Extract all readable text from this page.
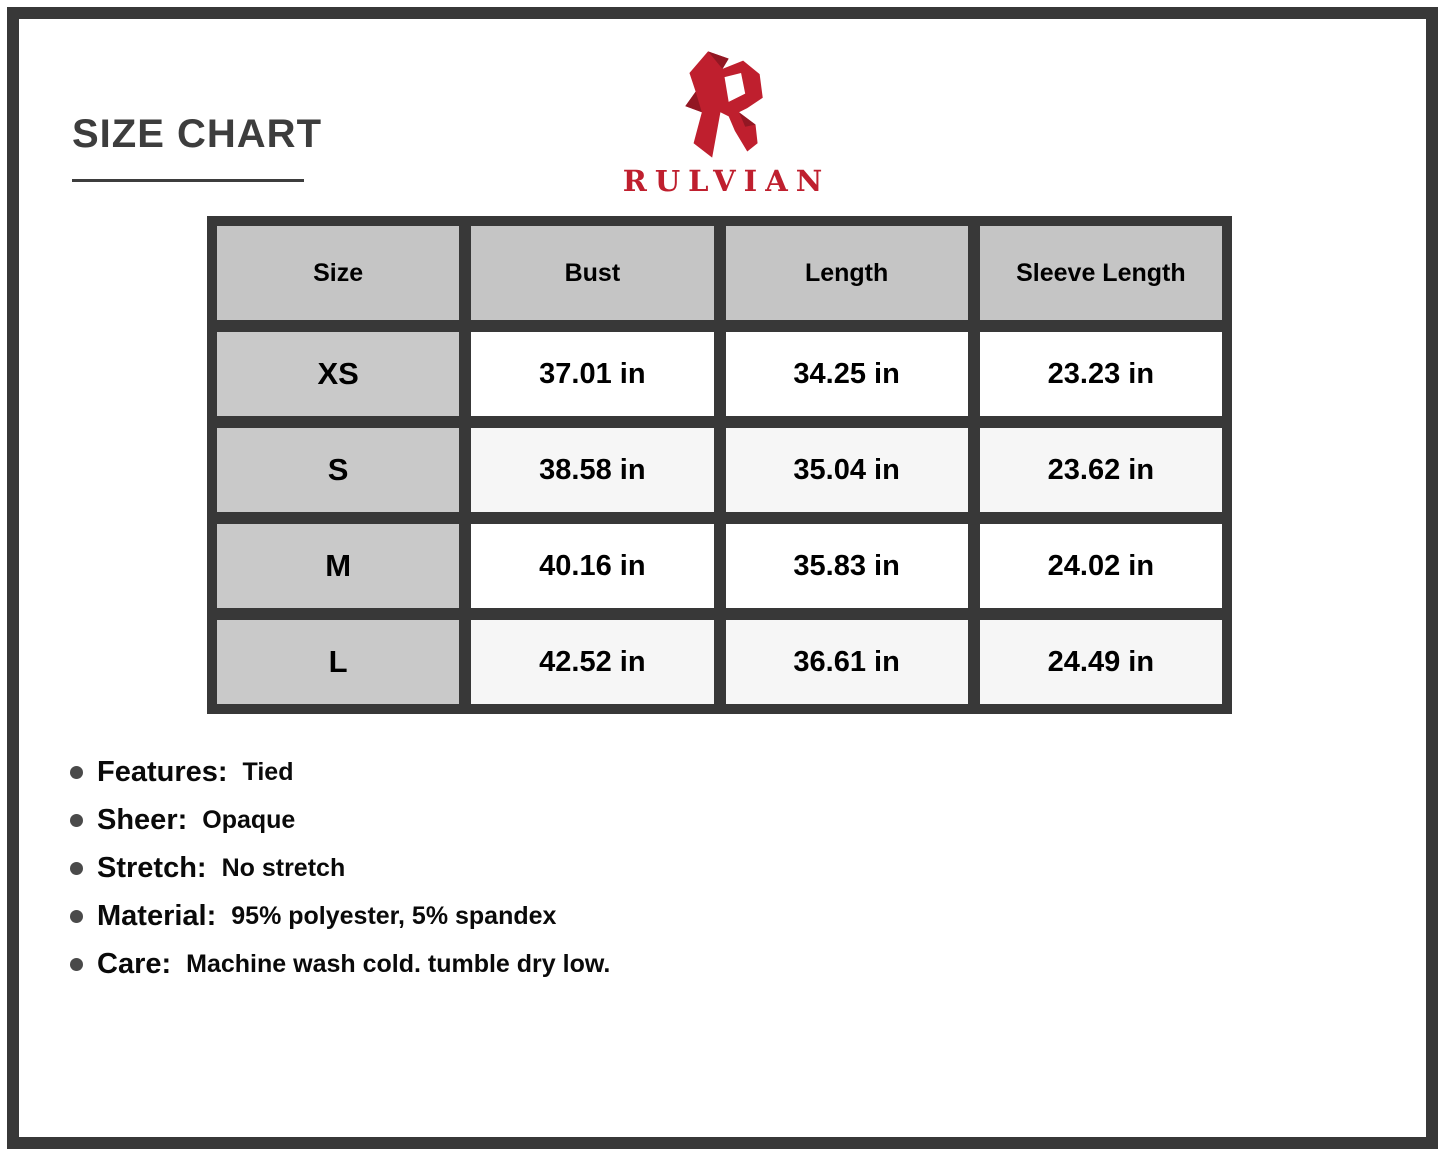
SIZE CHART
RULVIAN
Size	Bust	Length	Sleeve Length
XS	37.01 in	34.25 in	23.23 in
S	38.58 in	35.04 in	23.62 in
M	40.16 in	35.83 in	24.02 in
L	42.52 in	36.61 in	24.49 in
Features: Tied
Sheer: Opaque
Stretch: No stretch
Material: 95% polyester, 5% spandex
Care: Machine wash cold. tumble dry low.
